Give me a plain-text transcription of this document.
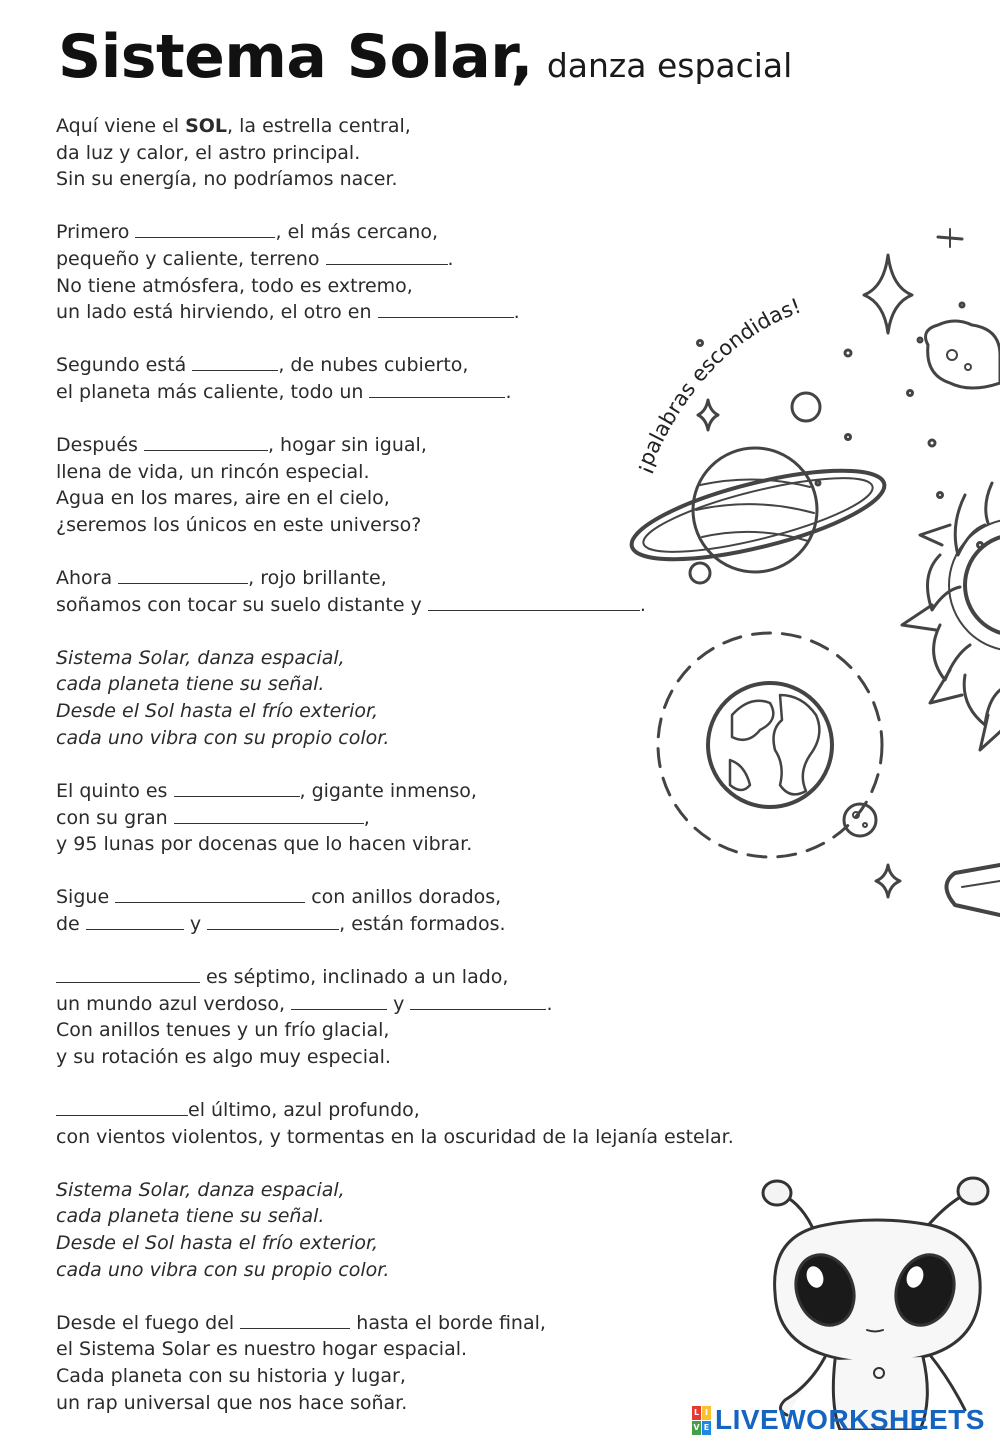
Sistema Solar, danza espacial
Aquí viene el SOL, la estrella central,
da luz y calor, el astro principal.
Sin su energía, no podríamos nacer.
Primero	, el más cercano,
pequeño y caliente, terreno	.
No tiene atmósfera, todo es extremo,
un lado está hirviendo, el otro en	.
Segundo está	, de nubes cubierto,
el planeta más caliente, todo un	.
Después	, hogar sin igual,
llena de vida, un rincón especial.
Agua en los mares, aire en el cielo,
¿seremos los únicos en este universo?
Ahora	, rojo brillante,
soñamos con tocar su suelo distante y	.
Sistema Solar, danza espacial,
cada planeta tiene su señal.
Desde el Sol hasta el frío exterior,
cada uno vibra con su propio color.
El quinto es	, gigante inmenso,
con su gran	,
y 95 lunas por docenas que lo hacen vibrar.
Sigue	con anillos dorados,
de	y	, están formados.
es séptimo, inclinado a un lado,
un mundo azul verdoso,	y	.
Con anillos tenues y un frío glacial,
y su rotación es algo muy especial.
el último, azul profundo,
con vientos violentos, y tormentas en la oscuridad de la lejanía estelar.
Sistema Solar, danza espacial,
cada planeta tiene su señal.
Desde el Sol hasta el frío exterior,
cada uno vibra con su propio color.
Desde el fuego del	hasta el borde final,
el Sistema Solar es nuestro hogar espacial.
Cada planeta con su historia y lugar,
un rap universal que nos hace soñar.
¡palabras escondidas!
L I
V E LIVEWORKSHEETS
